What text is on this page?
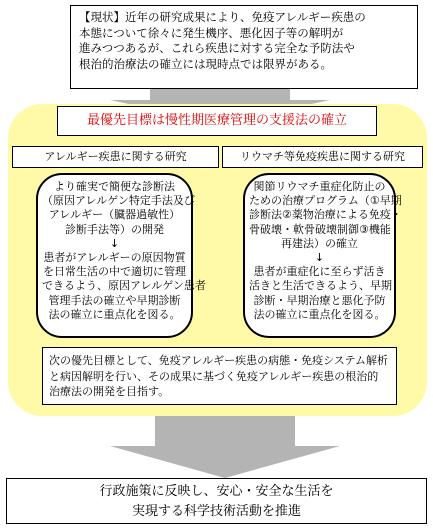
【現状】近年の研究成果により、免疫アレルギー疾患の
本態について徐々に発生機序、悪化因子等の解明が
進みつつあるが、これら疾患に対する完全な予防法や
根治的治療法の確立には現時点では限界がある。
最優先目標は慢性期医療管理の支援法の確立
アレルギー疾患に関する研究	リウマチ等免疫疾患に関する研究
より確実で簡便な診断法
（原因アレルゲン特定手法及び
アレルギー（臓器過敏性）
診断手法等）の開発
↓
患者がアレルギーの原因物質
を日常生活の中で適切に管理
できるよう、原因アレルゲン患者
管理手法の確立や早期診断
法の確立に重点化を図る。
関節リウマチ重症化防止の
ための治療プログラム（①早期
診断法②薬物治療による免疫・
骨破壊・軟骨破壊制御③機能
再建法）の確立
↓
患者が重症化に至らず活き
活きと生活できるよう、早期
診断・早期治療と悪化予防
法の確立に重点化を図る。
次の優先目標として、免疫アレルギー疾患の病態・免疫システム解析
と病因解明を行い、その成果に基づく免疫アレルギー疾患の根治的
治療法の開発を目指す。
行政施策に反映し、安心・安全な生活を
実現する科学技術活動を推進
